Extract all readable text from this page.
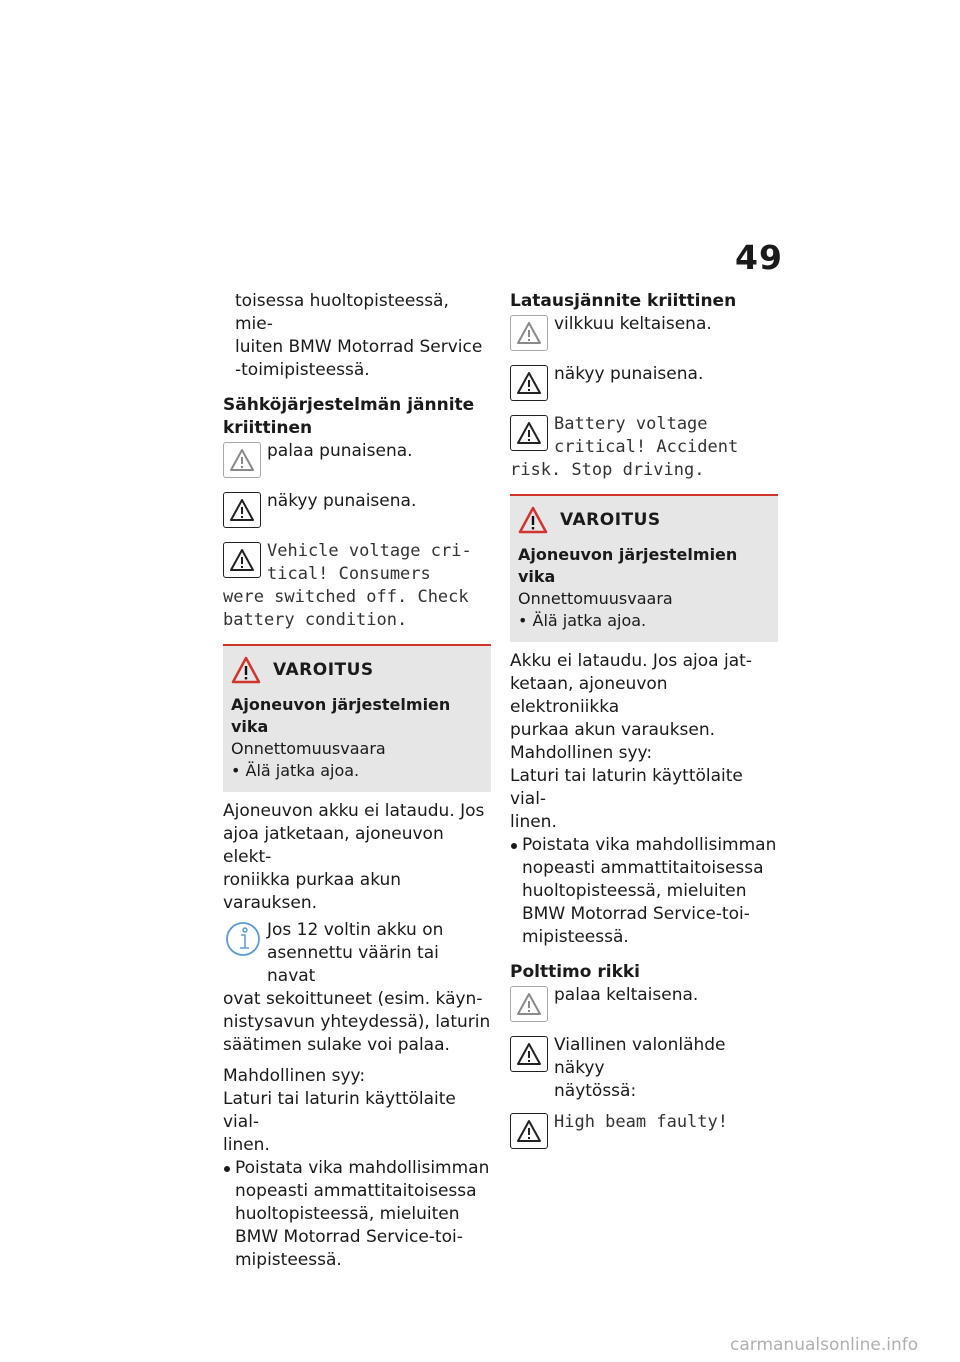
49

toisessa huoltopisteessä, mie-

luiten BMW Motorrad Service

-toimipisteessä.

Sähköjärjestelmän jännite

kriittinen

palaa punaisena.

näkyy punaisena.

Vehicle voltage cri-

tical! Consumers

were switched off. Check

battery condition.

VAROITUS

Ajoneuvon järjestelmien vika

Onnettomuusvaara

• Älä jatka ajoa.

Ajoneuvon akku ei lataudu. Jos

ajoa jatketaan, ajoneuvon elekt-

roniikka purkaa akun varauksen.

Jos 12 voltin akku on

asennettu väärin tai navat

ovat sekoittuneet (esim. käyn-

nistysavun yhteydessä), laturin

säätimen sulake voi palaa.

Mahdollinen syy:

Laturi tai laturin käyttölaite vial-

linen.

Poistata vika mahdollisimman

nopeasti ammattitaitoisessa

huoltopisteessä, mieluiten

BMW Motorrad Service-toi-

mipisteessä.

Latausjännite kriittinen

vilkkuu keltaisena.

näkyy punaisena.

Battery voltage

critical! Accident

risk. Stop driving.

VAROITUS

Ajoneuvon järjestelmien vika

Onnettomuusvaara

• Älä jatka ajoa.

Akku ei lataudu. Jos ajoa jat-

ketaan, ajoneuvon elektroniikka

purkaa akun varauksen.

Mahdollinen syy:

Laturi tai laturin käyttölaite vial-

linen.

Poistata vika mahdollisimman

nopeasti ammattitaitoisessa

huoltopisteessä, mieluiten

BMW Motorrad Service-toi-

mipisteessä.

Polttimo rikki

palaa keltaisena.

Viallinen valonlähde näkyy

näytössä:

High beam faulty!

carmanualsonline.info
